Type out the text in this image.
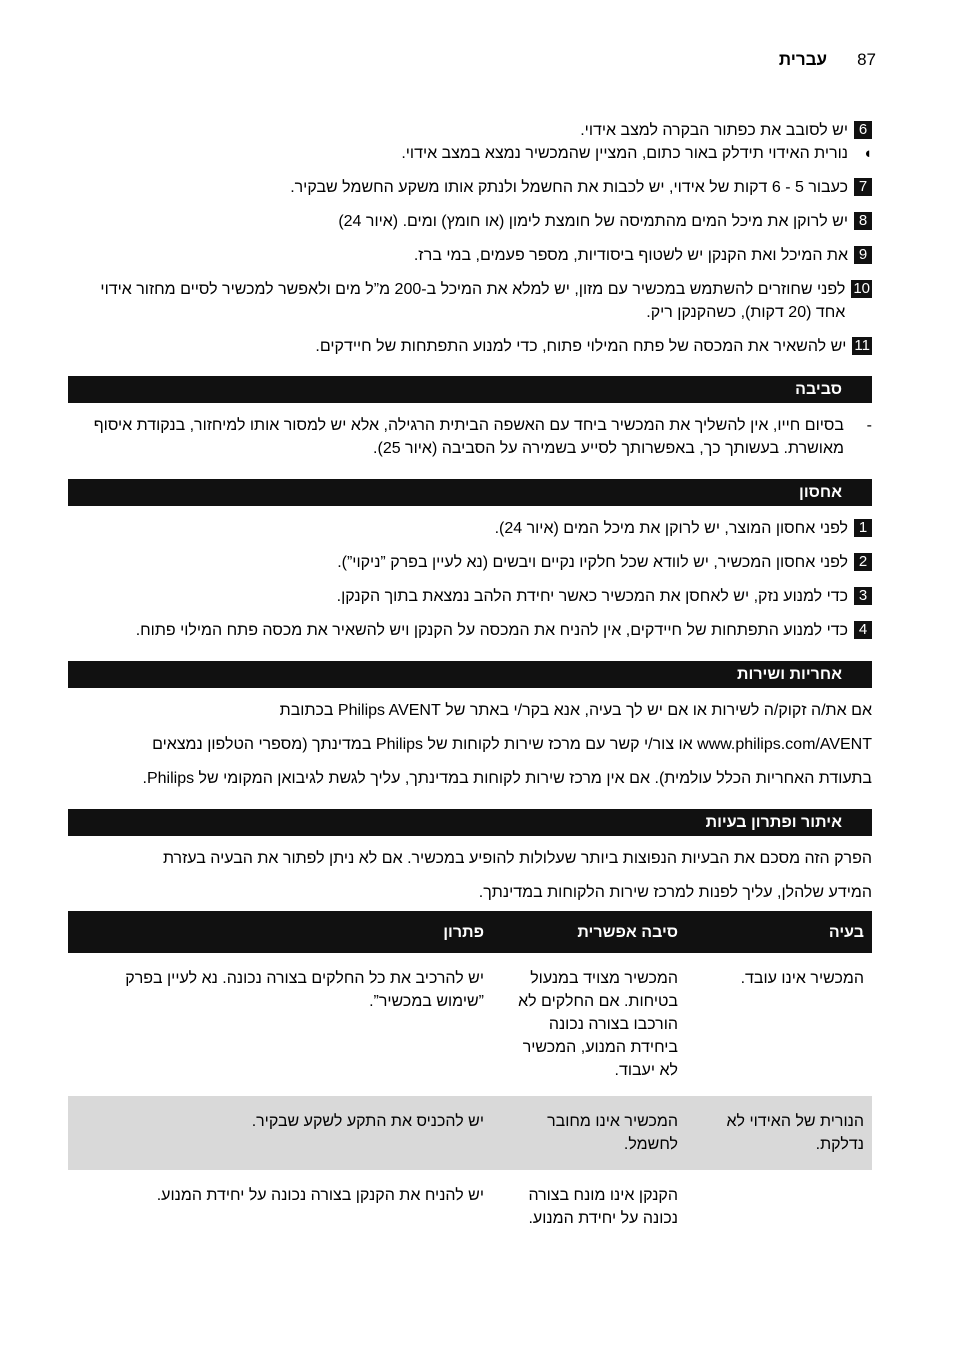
87
עברית
6
יש לסובב את כפתור הבקרה למצב אידוי.
◖
נורית האידוי תידלק באור כתום, המציין שהמכשיר נמצא במצב אידוי.
7
כעבור 5 - 6 דקות של אידוי, יש לכבות את החשמל ולנתק אותו משקע החשמל שבקיר.
8
יש לרוקן את מיכל המים מהתמיסה של חומצת לימון (או חומץ) ומים. (איור 24)
9
את המיכל ואת הקנקן יש לשטוף ביסודיות, מספר פעמים, במי ברז.
10
לפני שחוזרים להשתמש במכשיר עם מזון, יש למלא את המיכל ב-200 מ”ל מים ולאפשר למכשיר לסיים מחזור אידוי אחד (20 דקות), כשהקנקן ריק.
11
יש להשאיר את המכסה של פתח המילוי פתוח, כדי למנוע התפתחות של חיידקים.
סביבה
-
בסיום חייו, אין להשליך את המכשיר ביחד עם האשפה הביתית הרגילה, אלא יש למסור אותו למיחזור, בנקודת איסוף מאושרת. בעשותך כך, באפשרותך לסייע בשמירה על הסביבה (איור 25).
אחסון
1
לפני אחסון המוצר, יש לרוקן את מיכל המים (איור 24).
2
לפני אחסון המכשיר, יש לוודא שכל חלקיו נקיים ויבשים (נא לעיין בפרק ”ניקוי”).
3
כדי למנוע נזק, יש לאחסן את המכשיר כאשר יחידת הלהב נמצאת בתוך הקנקן.
4
כדי למנוע התפתחות של חיידקים, אין להניח את המכסה על הקנקן ויש להשאיר את מכסה פתח המילוי פתוח.
אחריות ושירות
אם את/ה זקוק/ה לשירות או אם יש לך בעיה, אנא בקר/י באתר של Philips AVENT בכתובת
www.philips.com/AVENT או צור/י קשר עם מרכז שירות לקוחות של Philips במדינתך (מספרי הטלפון נמצאים
בתעודת האחריות הכלל עולמית). אם אין מרכז שירות לקוחות במדינתך, עליך לגשת לגיבואן המקומי של Philips.
איתור ופתרון בעיות
הפרק הזה מסכם את הבעיות הנפוצות ביותר שעלולות להופיע במכשיר. אם לא ניתן לפתור את הבעיה בעזרת
המידע שלהלן, עליך לפנות למרכז שירות הלקוחות במדינתך.
בעיה	סיבה אפשרית	פתרון
המכשיר אינו עובד.	המכשיר מצויד במנעול בטיחות. אם החלקים לא הורכבו בצורה נכונה ביחידת המנוע, המכשיר לא יעבוד.	יש להרכיב את כל החלקים בצורה נכונה. נא לעיין בפרק ”שימוש במכשיר”.
הנורית של האידוי לא נדלקת.	המכשיר אינו מחובר לחשמל.	יש להכניס את התקע לשקע שבקיר.
	הקנקן אינו מונח בצורה נכונה על יחידת המנוע.	יש להניח את הקנקן בצורה נכונה על יחידת המנוע.
